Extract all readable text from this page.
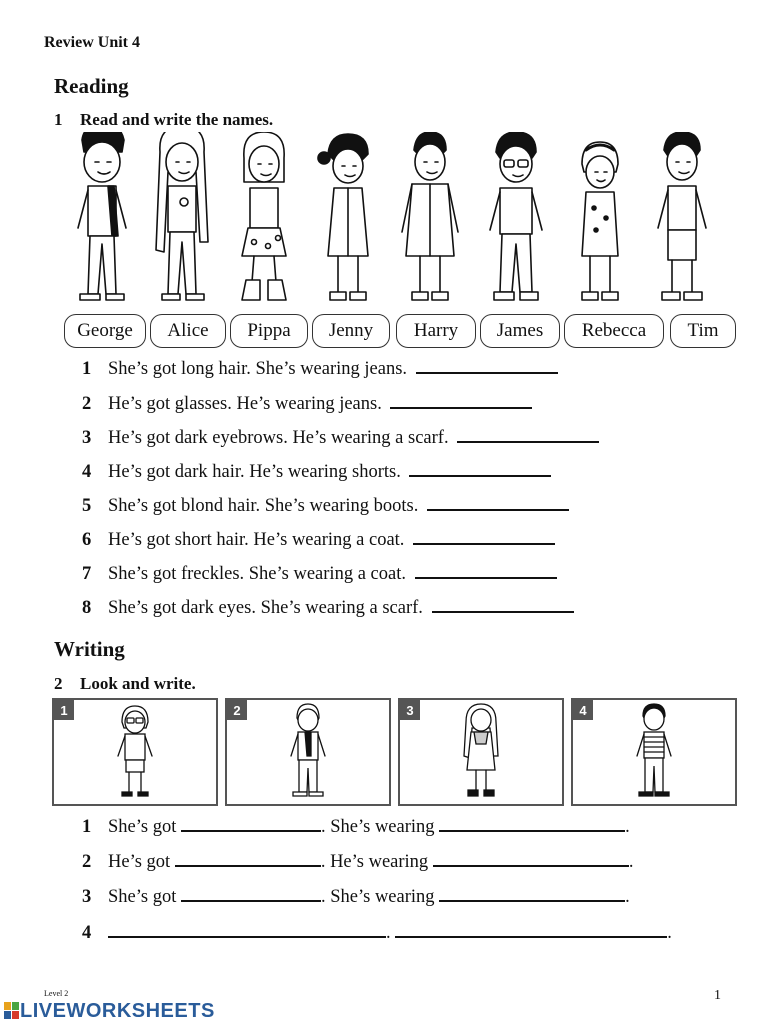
Review Unit 4
Reading
1 Read and write the names.
George	Alice	Pippa	Jenny	Harry	James	Rebecca	Tim
1 She’s got long hair. She’s wearing jeans.
2 He’s got glasses. He’s wearing jeans.
3 He’s got dark eyebrows. He’s wearing a scarf.
4 He’s got dark hair. He’s wearing shorts.
5 She’s got blond hair. She’s wearing boots.
6 He’s got short hair. He’s wearing a coat.
7 She’s got freckles. She’s wearing a coat.
8 She’s got dark eyes. She’s wearing a scarf.
Writing
2 Look and write.
1	2	3	4
1 She’s got	. She’s wearing	.
2 He’s got	. He’s wearing	.
3 She’s got	. She’s wearing	.
4	.	.
Level 2
LIVEWORKSHEETS
1
